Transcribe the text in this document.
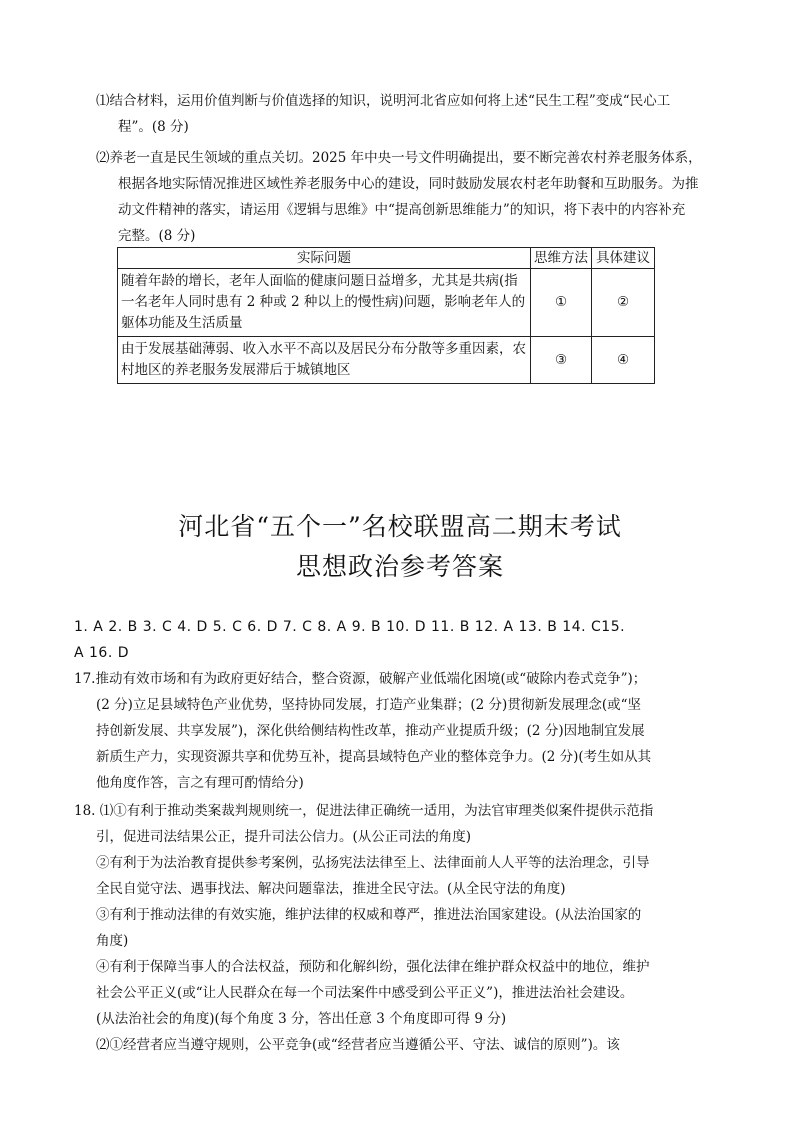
⑴结合材料，运用价值判断与价值选择的知识，说明河北省应如何将上述“民生工程”变成“民心工
程”。(8 分)
⑵养老一直是民生领域的重点关切。2025 年中央一号文件明确提出，要不断完善农村养老服务体系，
根据各地实际情况推进区域性养老服务中心的建设，同时鼓励发展农村老年助餐和互助服务。为推
动文件精神的落实，请运用《逻辑与思维》中“提高创新思维能力”的知识，将下表中的内容补充
完整。(8 分)
实际问题	思维方法	具体建议
随着年龄的增长，老年人面临的健康问题日益增多，尤其是共病(指一名老年人同时患有 2 种或 2 种以上的慢性病)问题，影响老年人的躯体功能及生活质量	①	②
由于发展基础薄弱、收入水平不高以及居民分布分散等多重因素，农村地区的养老服务发展滞后于城镇地区	③	④
河北省“五个一”名校联盟高二期末考试
思想政治参考答案
1. A 2. B 3. C 4. D 5. C 6. D 7. C 8. A 9. B 10. D 11. B 12. A 13. B 14. C15.
A 16. D
17.推动有效市场和有为政府更好结合，整合资源，破解产业低端化困境(或“破除内卷式竞争”)；
(2 分)立足县域特色产业优势，坚持协同发展，打造产业集群；(2 分)贯彻新发展理念(或“坚
持创新发展、共享发展”)，深化供给侧结构性改革，推动产业提质升级；(2 分)因地制宜发展
新质生产力，实现资源共享和优势互补，提高县域特色产业的整体竞争力。(2 分)(考生如从其
他角度作答，言之有理可酌情给分)
18. ⑴①有利于推动类案裁判规则统一，促进法律正确统一适用，为法官审理类似案件提供示范指
引，促进司法结果公正，提升司法公信力。(从公正司法的角度)
②有利于为法治教育提供参考案例，弘扬宪法法律至上、法律面前人人平等的法治理念，引导
全民自觉守法、遇事找法、解决问题靠法，推进全民守法。(从全民守法的角度)
③有利于推动法律的有效实施，维护法律的权威和尊严，推进法治国家建设。(从法治国家的
角度)
④有利于保障当事人的合法权益，预防和化解纠纷，强化法律在维护群众权益中的地位，维护
社会公平正义(或“让人民群众在每一个司法案件中感受到公平正义”)，推进法治社会建设。
(从法治社会的角度)(每个角度 3 分，答出任意 3 个角度即可得 9 分)
⑵①经营者应当遵守规则，公平竞争(或“经营者应当遵循公平、守法、诚信的原则”)。该
